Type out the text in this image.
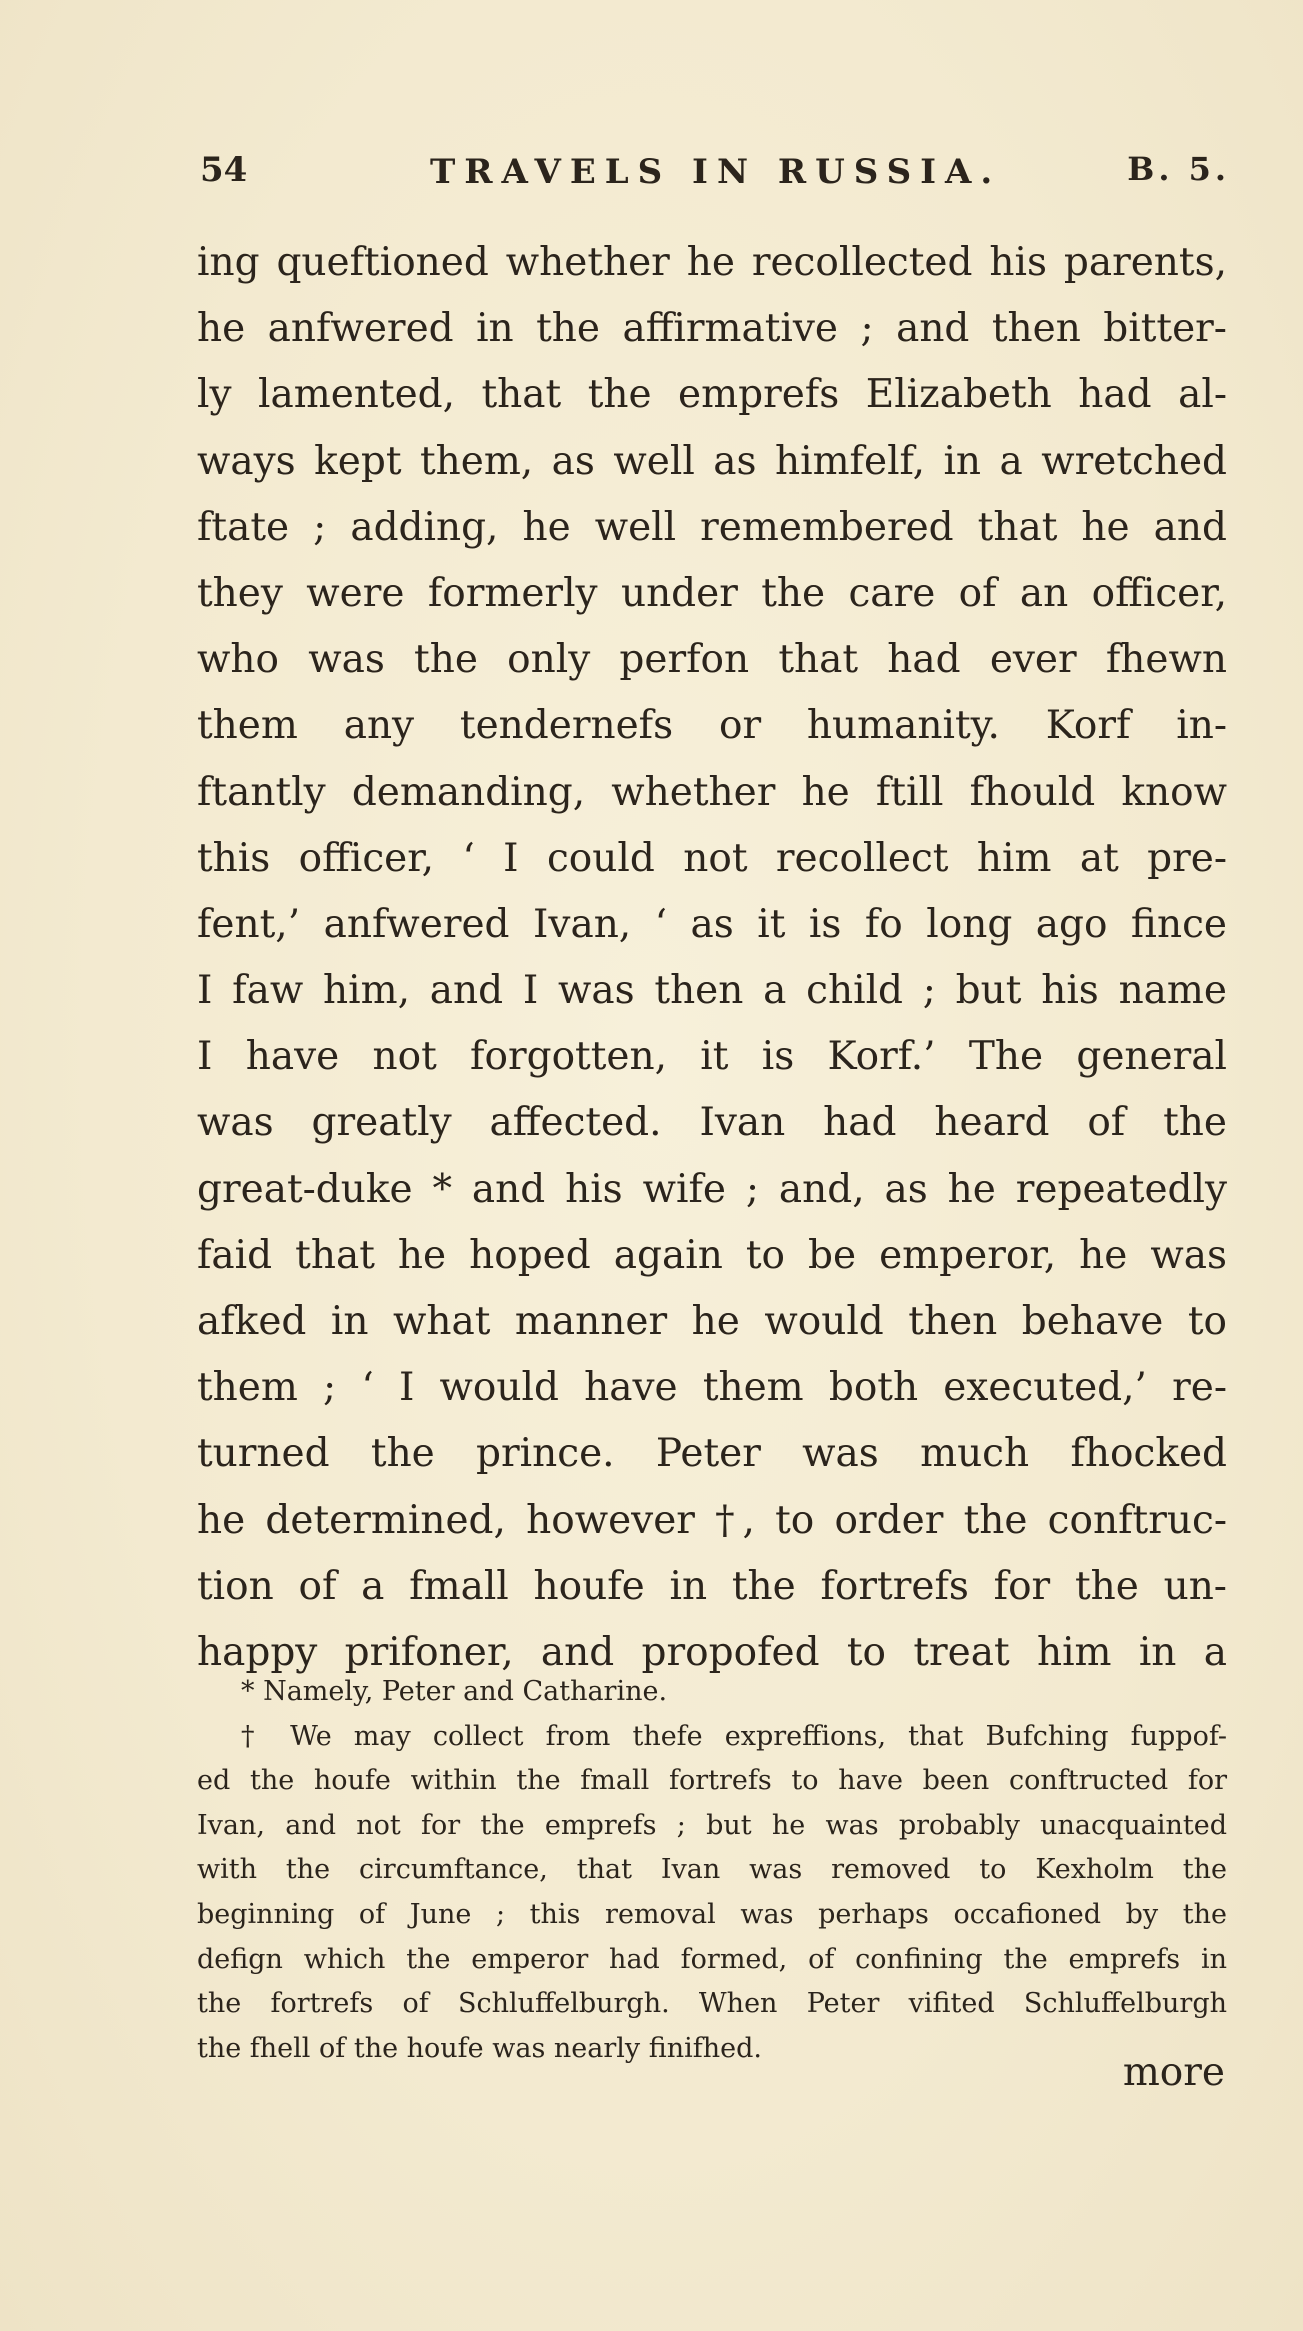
54	TRAVELS IN RUSSIA.	B. 5.
ing queftioned whether he recollected his parents,
he anfwered in the affirmative ; and then bitter-
ly lamented, that the emprefs Elizabeth had al-
ways kept them, as well as himfelf, in a wretched
ftate ; adding, he well remembered that he and
they were formerly under the care of an officer,
who was the only perfon that had ever fhewn
them any tendernefs or humanity. Korf in-
ftantly demanding, whether he ftill fhould know
this officer, ‘ I could not recollect him at pre-
fent,’ anfwered Ivan, ‘ as it is fo long ago fince
I faw him, and I was then a child ; but his name
I have not forgotten, it is Korf.’ The general
was greatly affected. Ivan had heard of the
great-duke * and his wife ; and, as he repeatedly
faid that he hoped again to be emperor, he was
afked in what manner he would then behave to
them ; ‘ I would have them both executed,’ re-
turned the prince. Peter was much fhocked
he determined, however †, to order the conftruc-
tion of a fmall houfe in the fortrefs for the un-
happy prifoner, and propofed to treat him in a
* Namely, Peter and Catharine.
† We may collect from thefe expreffions, that Bufching fuppof-
ed the houfe within the fmall fortrefs to have been conftructed for
Ivan, and not for the emprefs ; but he was probably unacquainted
with the circumftance, that Ivan was removed to Kexholm the
beginning of June ; this removal was perhaps occafioned by the
defign which the emperor had formed, of confining the emprefs in
the fortrefs of Schluffelburgh. When Peter vifited Schluffelburgh
the fhell of the houfe was nearly finifhed.
more
